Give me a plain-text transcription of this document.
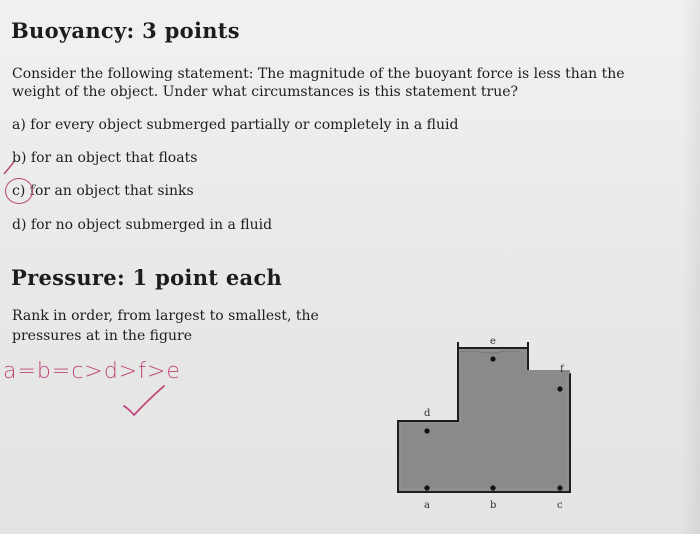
Buoyancy: 3 points

Consider the following statement: The magnitude of the buoyant force is less than the

weight of the object. Under what circumstances is this statement true?

a) for every object submerged partially or completely in a fluid
b) for an object that floats
c) for an object that sinks
d) for no object submerged in a fluid
Pressure: 1 point each

Rank in order, from largest to smallest, the

pressures at in the figure

a=b=c>d>f>e
e
f
d
a	b	c
